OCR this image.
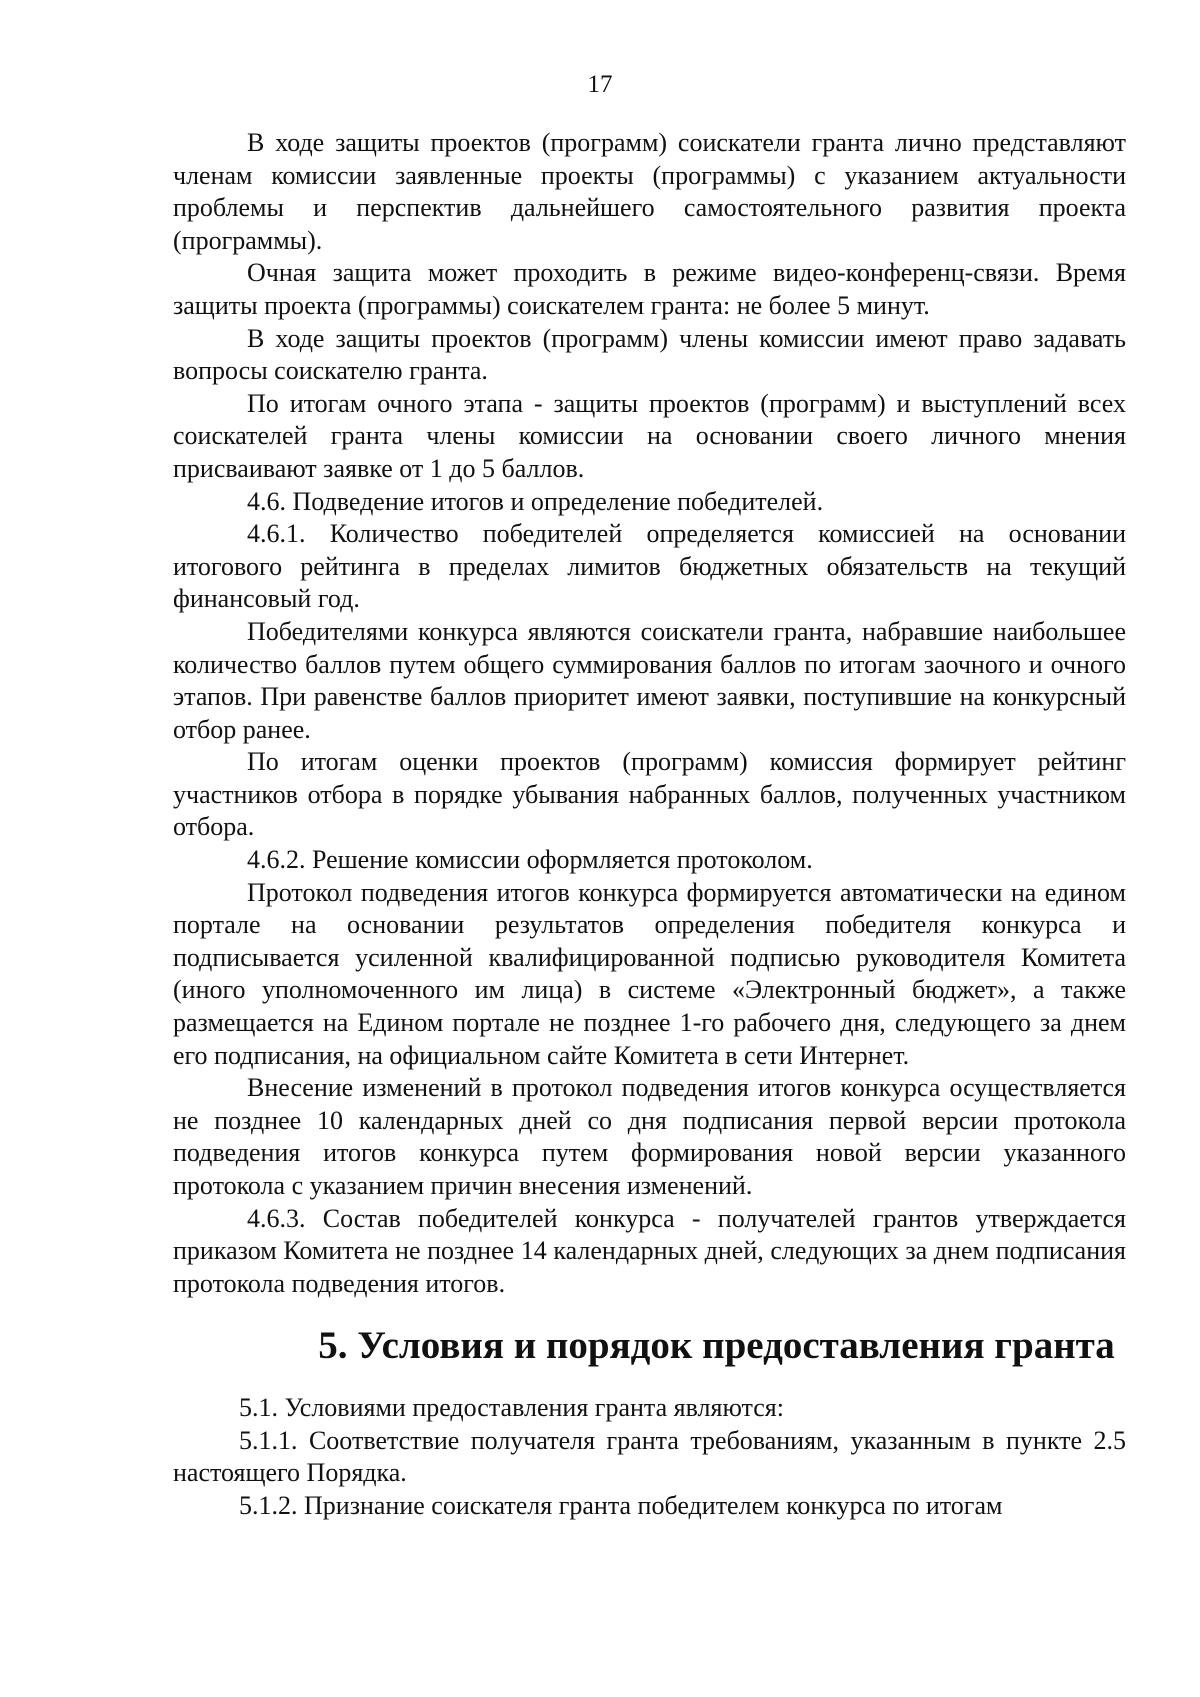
17

В ходе защиты проектов (программ) соискатели гранта лично представляют членам комиссии заявленные проекты (программы) с указанием актуальности проблемы и перспектив дальнейшего самостоятельного развития проекта (программы).

Очная защита может проходить в режиме видео-конференц-связи. Время защиты проекта (программы) соискателем гранта: не более 5 минут.

В ходе защиты проектов (программ) члены комиссии имеют право задавать вопросы соискателю гранта.

По итогам очного этапа - защиты проектов (программ) и выступлений всех соискателей гранта члены комиссии на основании своего личного мнения присваивают заявке от 1 до 5 баллов.

4.6. Подведение итогов и определение победителей.

4.6.1. Количество победителей определяется комиссией на основании итогового рейтинга в пределах лимитов бюджетных обязательств на текущий финансовый год.

Победителями конкурса являются соискатели гранта, набравшие наибольшее количество баллов путем общего суммирования баллов по итогам заочного и очного этапов. При равенстве баллов приоритет имеют заявки, поступившие на конкурсный отбор ранее.

По итогам оценки проектов (программ) комиссия формирует рейтинг участников отбора в порядке убывания набранных баллов, полученных участником отбора.

4.6.2. Решение комиссии оформляется протоколом.

Протокол подведения итогов конкурса формируется автоматически на едином портале на основании результатов определения победителя конкурса и подписывается усиленной квалифицированной подписью руководителя Комитета (иного уполномоченного им лица) в системе «Электронный бюджет», а также размещается на Едином портале не позднее 1-го рабочего дня, следующего за днем его подписания, на официальном сайте Комитета в сети Интернет.

Внесение изменений в протокол подведения итогов конкурса осуществляется не позднее 10 календарных дней со дня подписания первой версии протокола подведения итогов конкурса путем формирования новой версии указанного протокола с указанием причин внесения изменений.

4.6.3. Состав победителей конкурса - получателей грантов утверждается приказом Комитета не позднее 14 календарных дней, следующих за днем подписания протокола подведения итогов.

5. Условия и порядок предоставления гранта

5.1. Условиями предоставления гранта являются:

5.1.1. Соответствие получателя гранта требованиям, указанным в пункте 2.5 настоящего Порядка.

5.1.2. Признание соискателя гранта победителем конкурса по итогам
